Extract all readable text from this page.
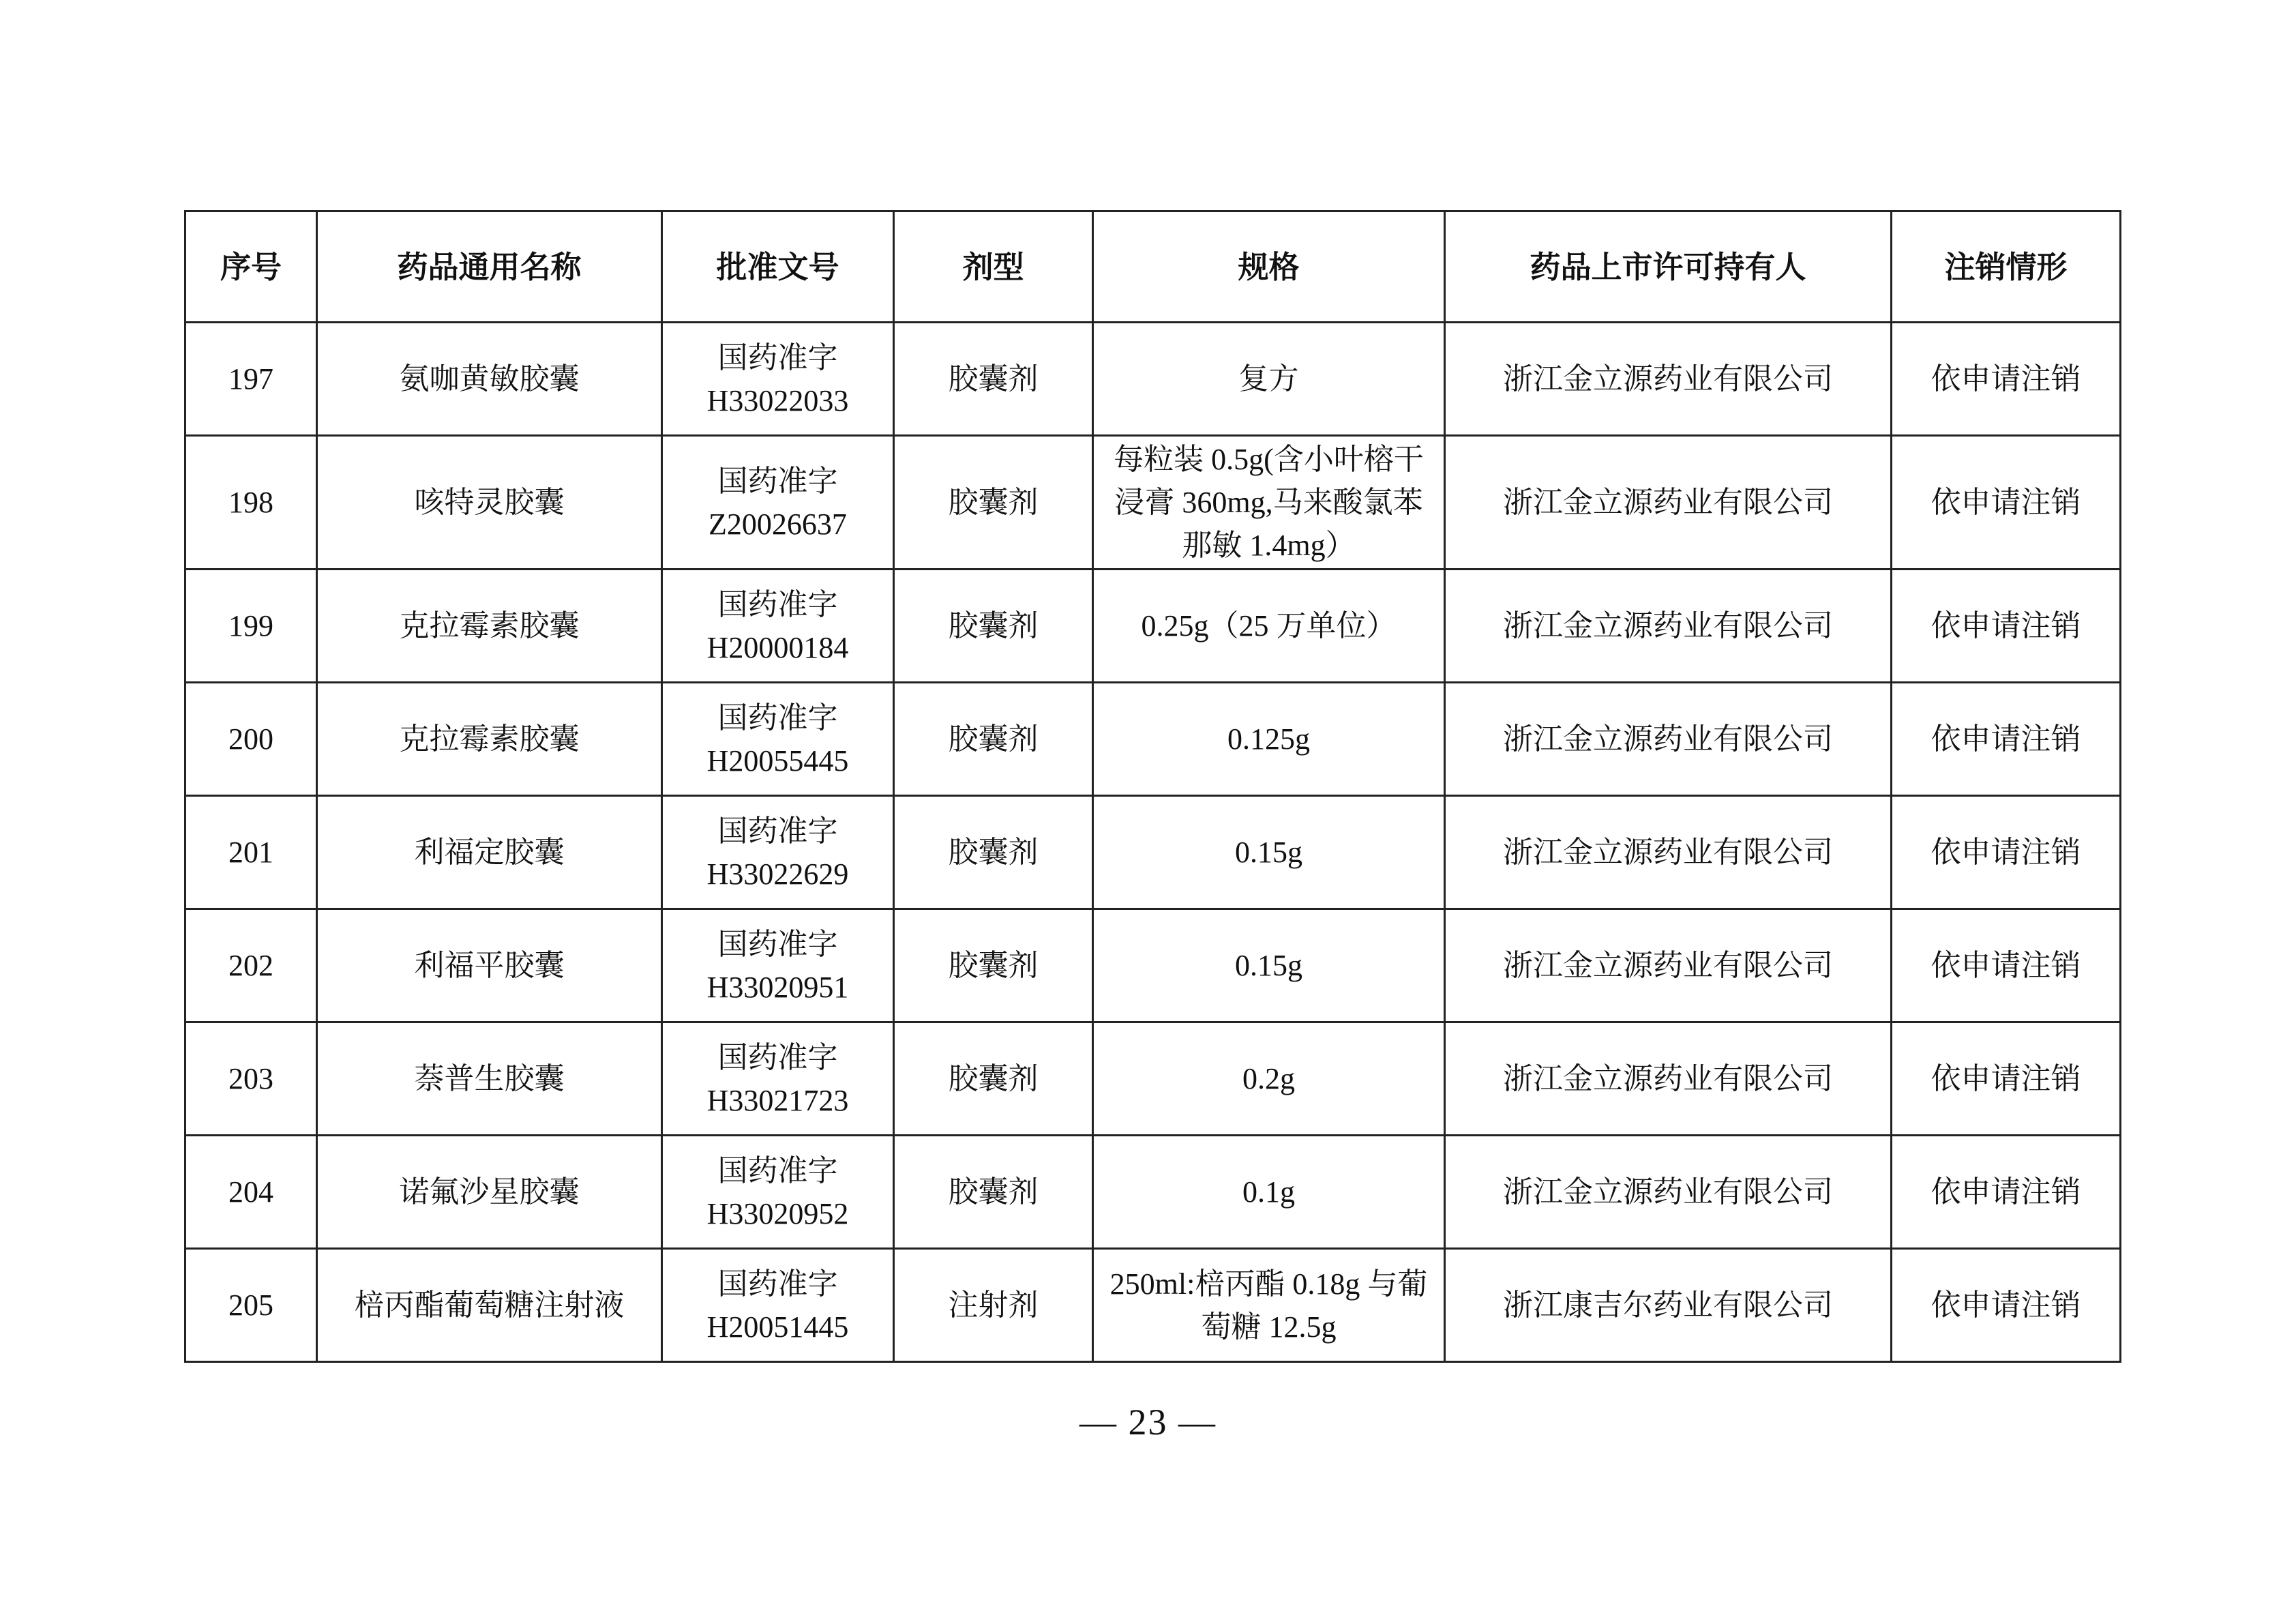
序号	药品通用名称	批准文号	剂型	规格	药品上市许可持有人	注销情形
197	氨咖黄敏胶囊	国药准字
H33022033	胶囊剂	复方	浙江金立源药业有限公司	依申请注销
198	咳特灵胶囊	国药准字
Z20026637	胶囊剂	每粒装 0.5g(含小叶榕干
浸膏 360mg,马来酸氯苯
那敏 1.4mg）	浙江金立源药业有限公司	依申请注销
199	克拉霉素胶囊	国药准字
H20000184	胶囊剂	0.25g（25 万单位）	浙江金立源药业有限公司	依申请注销
200	克拉霉素胶囊	国药准字
H20055445	胶囊剂	0.125g	浙江金立源药业有限公司	依申请注销
201	利福定胶囊	国药准字
H33022629	胶囊剂	0.15g	浙江金立源药业有限公司	依申请注销
202	利福平胶囊	国药准字
H33020951	胶囊剂	0.15g	浙江金立源药业有限公司	依申请注销
203	萘普生胶囊	国药准字
H33021723	胶囊剂	0.2g	浙江金立源药业有限公司	依申请注销
204	诺氟沙星胶囊	国药准字
H33020952	胶囊剂	0.1g	浙江金立源药业有限公司	依申请注销
205	棓丙酯葡萄糖注射液	国药准字
H20051445	注射剂	250ml:棓丙酯 0.18g 与葡
萄糖 12.5g	浙江康吉尔药业有限公司	依申请注销
— 23 —
